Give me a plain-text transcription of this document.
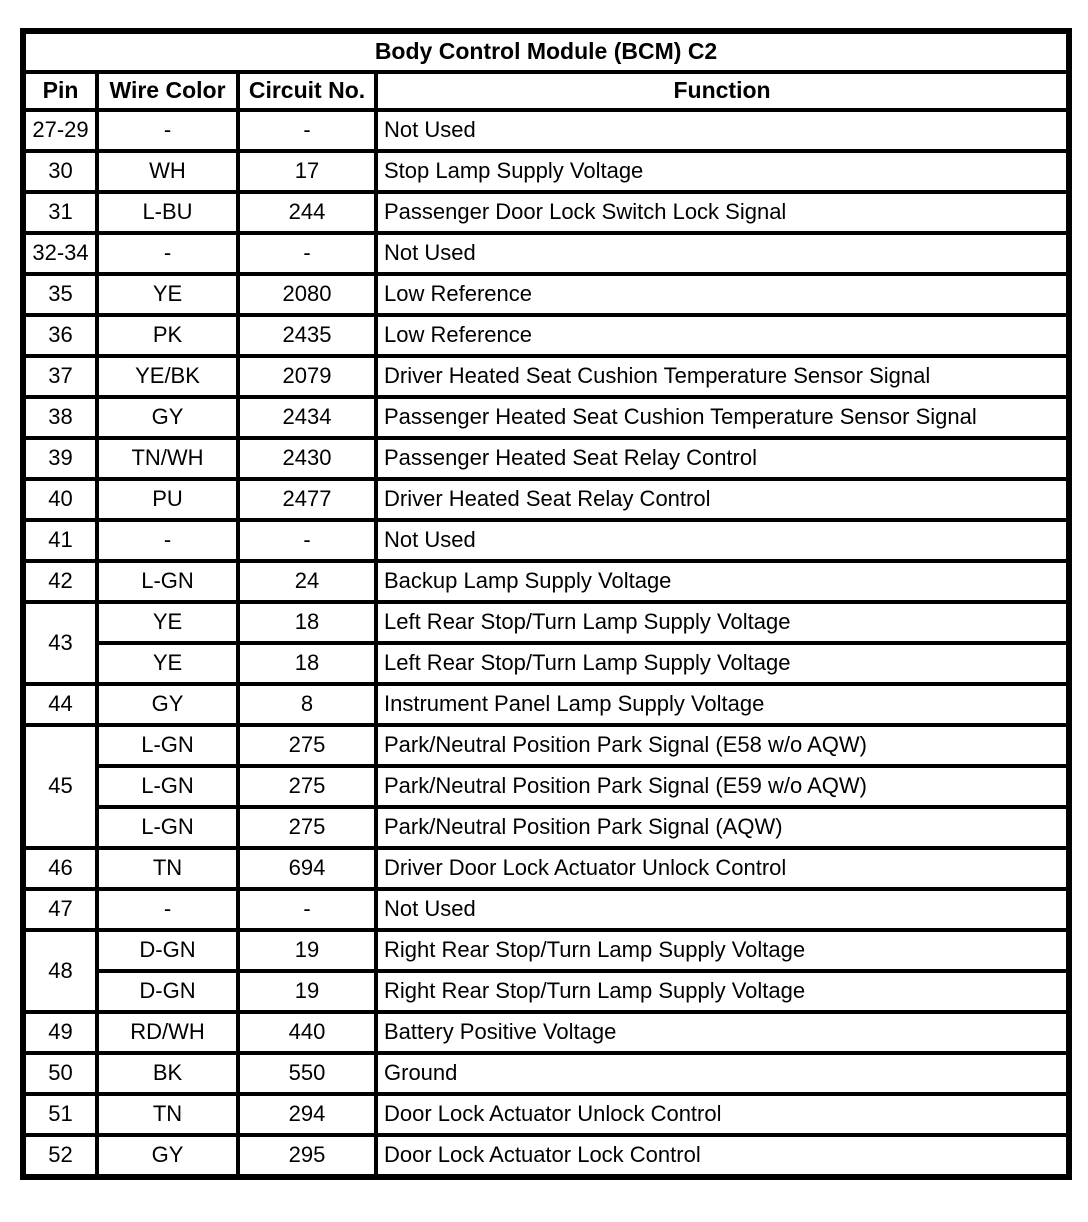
Body Control Module (BCM) C2			
Pin	Wire Color	Circuit No.	Function
27-29	-	-	Not Used
30	WH	17	Stop Lamp Supply Voltage
31	L-BU	244	Passenger Door Lock Switch Lock Signal
32-34	-	-	Not Used
35	YE	2080	Low Reference
36	PK	2435	Low Reference
37	YE/BK	2079	Driver Heated Seat Cushion Temperature Sensor Signal
38	GY	2434	Passenger Heated Seat Cushion Temperature Sensor Signal
39	TN/WH	2430	Passenger Heated Seat Relay Control
40	PU	2477	Driver Heated Seat Relay Control
41	-	-	Not Used
42	L-GN	24	Backup Lamp Supply Voltage
43	YE	18	Left Rear Stop/Turn Lamp Supply Voltage
	YE	18	Left Rear Stop/Turn Lamp Supply Voltage
44	GY	8	Instrument Panel Lamp Supply Voltage
45	L-GN	275	Park/Neutral Position Park Signal (E58 w/o AQW)
	L-GN	275	Park/Neutral Position Park Signal (E59 w/o AQW)
	L-GN	275	Park/Neutral Position Park Signal (AQW)
46	TN	694	Driver Door Lock Actuator Unlock Control
47	-	-	Not Used
48	D-GN	19	Right Rear Stop/Turn Lamp Supply Voltage
	D-GN	19	Right Rear Stop/Turn Lamp Supply Voltage
49	RD/WH	440	Battery Positive Voltage
50	BK	550	Ground
51	TN	294	Door Lock Actuator Unlock Control
52	GY	295	Door Lock Actuator Lock Control
